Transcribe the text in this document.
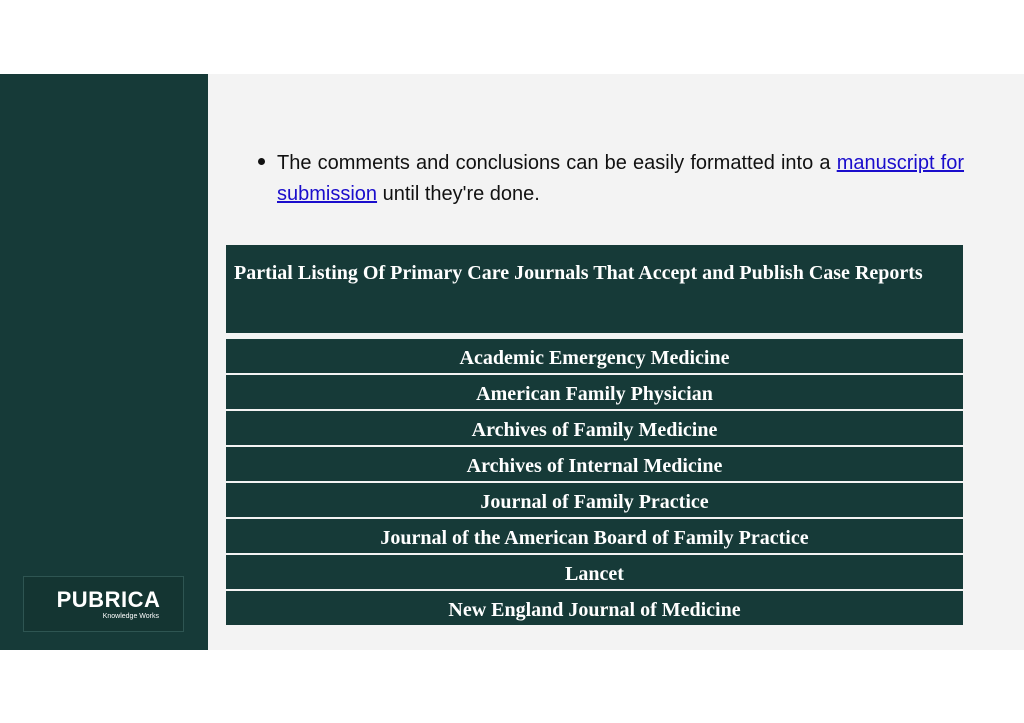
PUBRICA
Knowledge Works
The comments and conclusions can be easily formatted into a manuscript for submission until they're done.
Partial Listing Of Primary Care Journals That Accept and Publish Case Reports
Academic Emergency Medicine
American Family Physician
Archives of Family Medicine
Archives of Internal Medicine
Journal of Family Practice
Journal of the American Board of Family Practice
Lancet
New England Journal of Medicine
